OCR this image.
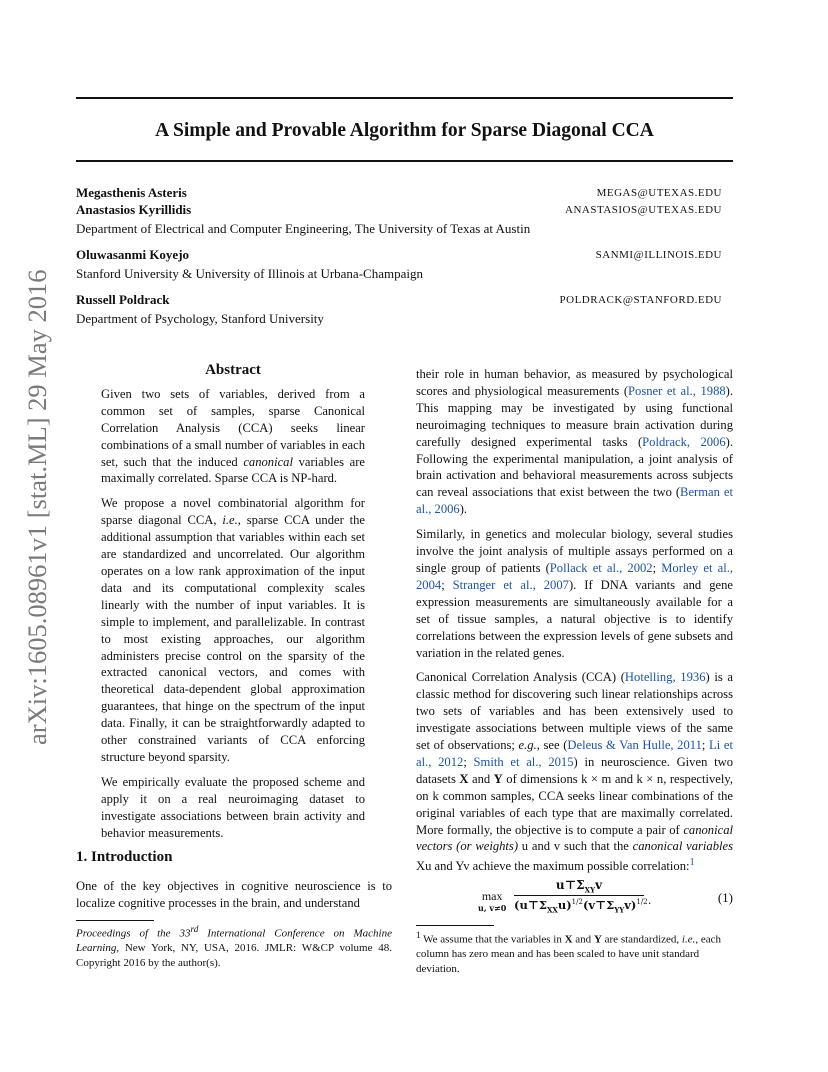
arXiv:1605.08961v1 [stat.ML] 29 May 2016
A Simple and Provable Algorithm for Sparse Diagonal CCA
Megasthenis Asteris	MEGAS@UTEXAS.EDU
Anastasios Kyrillidis	ANASTASIOS@UTEXAS.EDU
Department of Electrical and Computer Engineering, The University of Texas at Austin
Oluwasanmi Koyejo	SANMI@ILLINOIS.EDU
Stanford University & University of Illinois at Urbana-Champaign
Russell Poldrack	POLDRACK@STANFORD.EDU
Department of Psychology, Stanford University
Abstract

Given two sets of variables, derived from a common set of samples, sparse Canonical Correlation Analysis (CCA) seeks linear combinations of a small number of variables in each set, such that the induced canonical variables are maximally correlated. Sparse CCA is NP-hard.

We propose a novel combinatorial algorithm for sparse diagonal CCA, i.e., sparse CCA under the additional assumption that variables within each set are standardized and uncorrelated. Our algorithm operates on a low rank approximation of the input data and its computational complexity scales linearly with the number of input variables. It is simple to implement, and parallelizable. In contrast to most existing approaches, our algorithm administers precise control on the sparsity of the extracted canonical vectors, and comes with theoretical data-dependent global approximation guarantees, that hinge on the spectrum of the input data. Finally, it can be straightforwardly adapted to other constrained variants of CCA enforcing structure beyond sparsity.

We empirically evaluate the proposed scheme and apply it on a real neuroimaging dataset to investigate associations between brain activity and behavior measurements.

1. Introduction
One of the key objectives in cognitive neuroscience is to localize cognitive processes in the brain, and understand
Proceedings of the 33rd International Conference on Machine Learning, New York, NY, USA, 2016. JMLR: W&CP volume 48. Copyright 2016 by the author(s).

their role in human behavior, as measured by psychological scores and physiological measurements (Posner et al., 1988). This mapping may be investigated by using functional neuroimaging techniques to measure brain activation during carefully designed experimental tasks (Poldrack, 2006). Following the experimental manipulation, a joint analysis of brain activation and behavioral measurements across subjects can reveal associations that exist between the two (Berman et al., 2006).

Similarly, in genetics and molecular biology, several studies involve the joint analysis of multiple assays performed on a single group of patients (Pollack et al., 2002; Morley et al., 2004; Stranger et al., 2007). If DNA variants and gene expression measurements are simultaneously available for a set of tissue samples, a natural objective is to identify correlations between the expression levels of gene subsets and variation in the related genes.

Canonical Correlation Analysis (CCA) (Hotelling, 1936) is a classic method for discovering such linear relationships across two sets of variables and has been extensively used to investigate associations between multiple views of the same set of observations; e.g., see (Deleus & Van Hulle, 2011; Li et al., 2012; Smith et al., 2015) in neuroscience. Given two datasets X and Y of dimensions k × m and k × n, respectively, on k common samples, CCA seeks linear combinations of the original variables of each type that are maximally correlated. More formally, the objective is to compute a pair of canonical vectors (or weights) u and v such that the canonical variables Xu and Yv achieve the maximum possible correlation:$^1$

max
u, v≠0
$u⊤\Sigma_{XY}v$
$(u⊤\Sigma_{XX}u)^{1/2}(v⊤\Sigma_{YY}v)^{1/2}$ .	(1)
$^1$ We assume that the variables in X and Y are standardized, i.e., each column has zero mean and has been scaled to have unit standard deviation.
